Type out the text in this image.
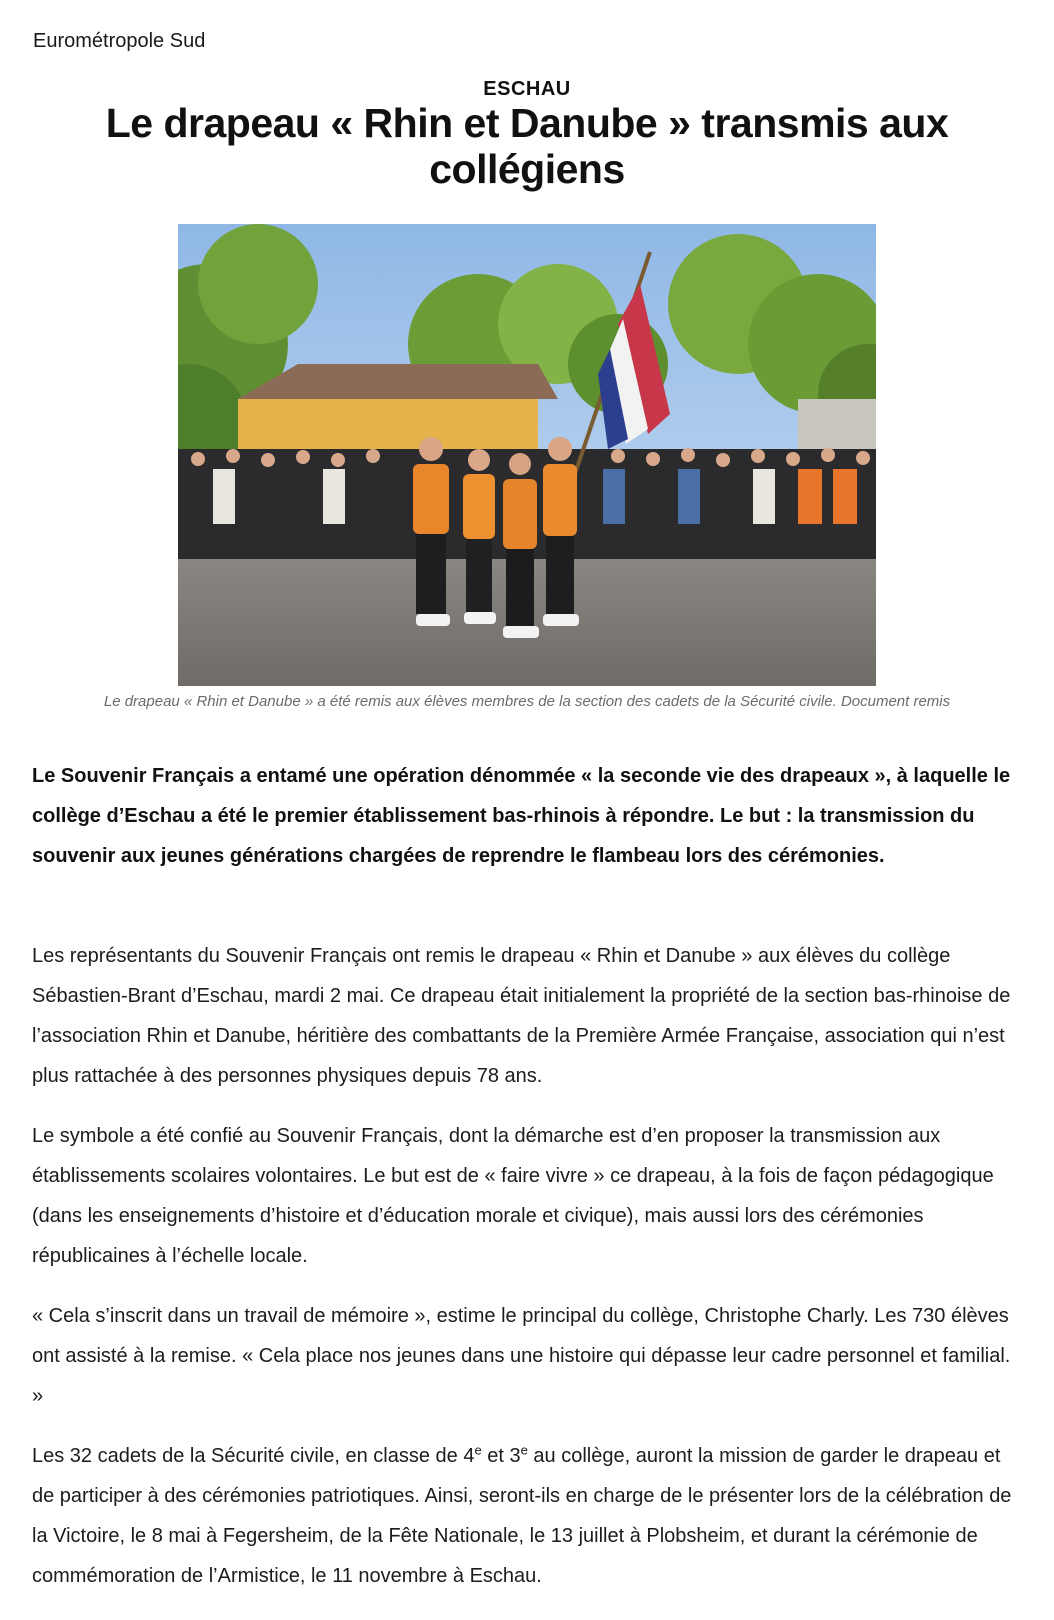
Eurométropole Sud
ESCHAU
Le drapeau « Rhin et Danube » transmis aux collégiens
Le drapeau « Rhin et Danube » a été remis aux élèves membres de la section des cadets de la Sécurité civile. Document remis

Le Souvenir Français a entamé une opération dénommée « la seconde vie des drapeaux », à laquelle le collège d’Eschau a été le premier établissement bas-rhinois à répondre. Le but : la transmission du souvenir aux jeunes générations chargées de reprendre le flambeau lors des cérémonies.

Les représentants du Souvenir Français ont remis le drapeau « Rhin et Danube » aux élèves du collège Sébastien-Brant d’Eschau, mardi 2 mai. Ce drapeau était initialement la propriété de la section bas-rhinoise de l’association Rhin et Danube, héritière des combattants de la Première Armée Française, association qui n’est plus rattachée à des personnes physiques depuis 78 ans.

Le symbole a été confié au Souvenir Français, dont la démarche est d’en proposer la transmission aux établissements scolaires volontaires. Le but est de « faire vivre » ce drapeau, à la fois de façon pédagogique (dans les enseignements d’histoire et d’éducation morale et civique), mais aussi lors des cérémonies républicaines à l’échelle locale.

« Cela s’inscrit dans un travail de mémoire », estime le principal du collège, Christophe Charly. Les 730 élèves ont assisté à la remise. « Cela place nos jeunes dans une histoire qui dépasse leur cadre personnel et familial. »

Les 32 cadets de la Sécurité civile, en classe de 4e et 3e au collège, auront la mission de garder le drapeau et de participer à des cérémonies patriotiques. Ainsi, seront-ils en charge de le présenter lors de la célébration de la Victoire, le 8 mai à Fegersheim, de la Fête Nationale, le 13 juillet à Plobsheim, et durant la cérémonie de commémoration de l’Armistice, le 11 novembre à Eschau.
